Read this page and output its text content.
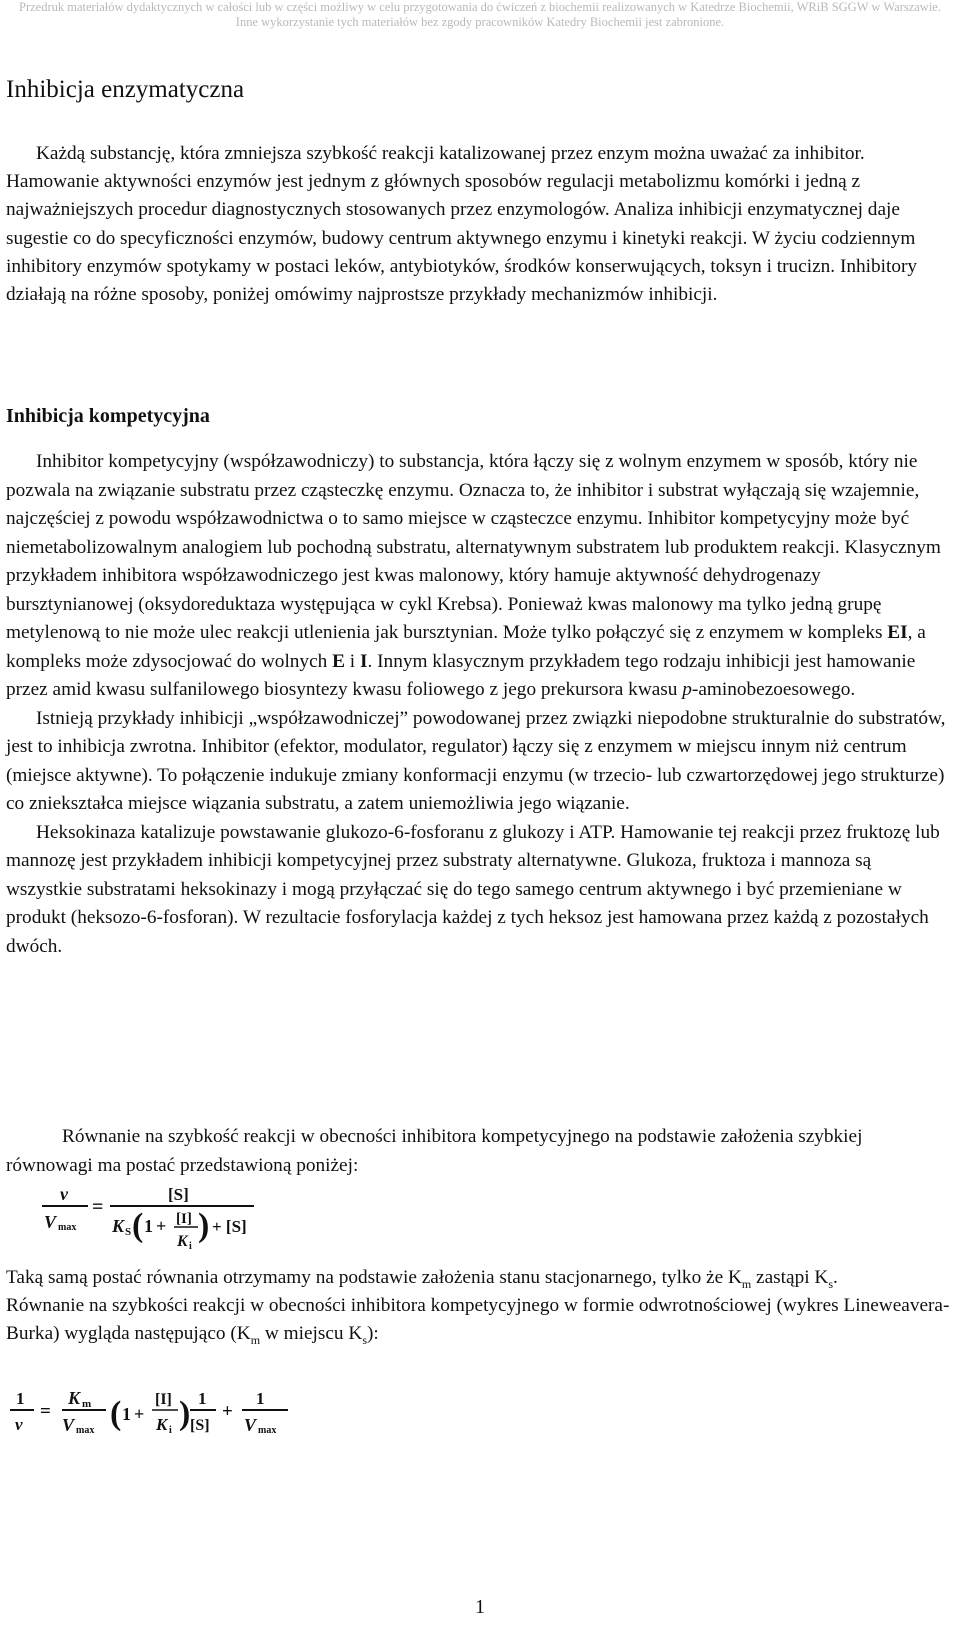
Przedruk materiałów dydaktycznych w całości lub w części możliwy w celu przygotowania do ćwiczeń z biochemii realizowanych w Katedrze Biochemii, WRiB SGGW w Warszawie.
Inne wykorzystanie tych materiałów bez zgody pracowników Katedry Biochemii jest zabronione.
Inhibicja enzymatyczna

Każdą substancję, która zmniejsza szybkość reakcji katalizowanej przez enzym można uważać za inhibitor. Hamowanie aktywności enzymów jest jednym z głównych sposobów regulacji metabolizmu komórki i jedną z najważniejszych procedur diagnostycznych stosowanych przez enzymologów. Analiza inhibicji enzymatycznej daje sugestie co do specyficzności enzymów, budowy centrum aktywnego enzymu i kinetyki reakcji. W życiu codziennym inhibitory enzymów spotykamy w postaci leków, antybiotyków, środków konserwujących, toksyn i trucizn. Inhibitory działają na różne sposoby, poniżej omówimy najprostsze przykłady mechanizmów inhibicji.

Inhibicja kompetycyjna

Inhibitor kompetycyjny (współzawodniczy) to substancja, która łączy się z wolnym enzymem w sposób, który nie pozwala na związanie substratu przez cząsteczkę enzymu. Oznacza to, że inhibitor i substrat wyłączają się wzajemnie, najczęściej z powodu współzawodnictwa o to samo miejsce w cząsteczce enzymu. Inhibitor kompetycyjny może być niemetabolizowalnym analogiem lub pochodną substratu, alternatywnym substratem lub produktem reakcji. Klasycznym przykładem inhibitora współzawodniczego jest kwas malonowy, który hamuje aktywność dehydrogenazy bursztynianowej (oksydoreduktaza występująca w cykl Krebsa). Ponieważ kwas malonowy ma tylko jedną grupę metylenową to nie może ulec reakcji utlenienia jak bursztynian. Może tylko połączyć się z enzymem w kompleks EI, a kompleks może zdysocjować do wolnych E i I. Innym klasycznym przykładem tego rodzaju inhibicji jest hamowanie przez amid kwasu sulfanilowego biosyntezy kwasu foliowego z jego prekursora kwasu p-aminobezoesowego.

Istnieją przykłady inhibicji „współzawodniczej” powodowanej przez związki niepodobne strukturalnie do substratów, jest to inhibicja zwrotna. Inhibitor (efektor, modulator, regulator) łączy się z enzymem w miejscu innym niż centrum (miejsce aktywne). To połączenie indukuje zmiany konformacji enzymu (w trzecio- lub czwartorzędowej jego strukturze) co zniekształca miejsce wiązania substratu, a zatem uniemożliwia jego wiązanie.

Heksokinaza katalizuje powstawanie glukozo-6-fosforanu z glukozy i ATP. Hamowanie tej reakcji przez fruktozę lub mannozę jest przykładem inhibicji kompetycyjnej przez substraty alternatywne. Glukoza, fruktoza i mannoza są wszystkie substratami heksokinazy i mogą przyłączać się do tego samego centrum aktywnego i być przemieniane w produkt (heksozo-6-fosforan). W rezultacie fosforylacja każdej z tych heksoz jest hamowana przez każdą z pozostałych dwóch.

Równanie na szybkość reakcji w obecności inhibitora kompetycyjnego na podstawie założenia szybkiej równowagi ma postać przedstawioną poniżej:

v
V max
=
[S]
K S ( 1 + [I]
K i
) + [S]

Taką samą postać równania otrzymamy na podstawie założenia stanu stacjonarnego, tylko że $K_m$ zastąpi $K_s$.

Równanie na szybkości reakcji w obecności inhibitora kompetycyjnego w formie odwrotnościowej (wykres Lineweavera-Burka) wygląda następująco ($K_m$ w miejscu $K_s$):

1
v
=
K m
V max ( 1 +
[I]
K i ) 1
[S]
+
1
V max
1
